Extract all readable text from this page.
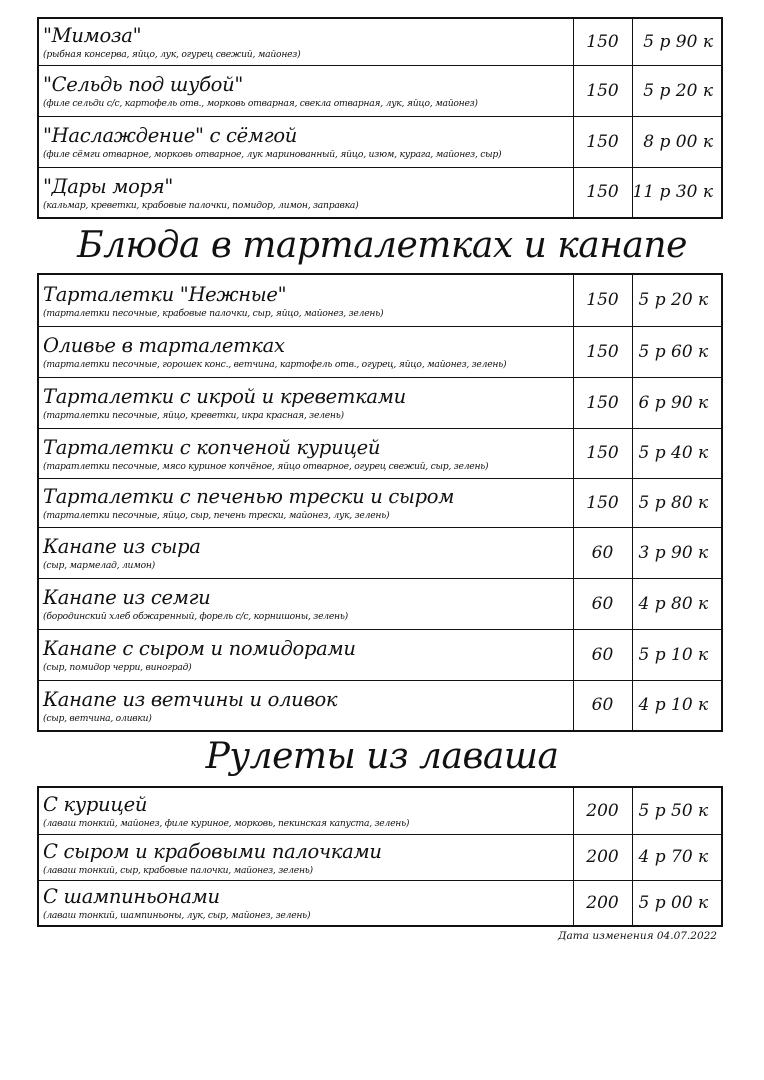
"Мимоза"
(рыбная консерва, яйцо, лук, огурец свежий, майонез)	150	5 р 90 к

"Сельдь под шубой"
(филе сельди с/с, картофель отв., морковь отварная, свекла отварная, лук, яйцо, майонез)	150	5 р 20 к

"Наслаждение" с сёмгой
(филе сёмги отварное, морковь отварное, лук маринованный, яйцо, изюм, курага, майонез, сыр)	150	8 р 00 к

"Дары моря"
(кальмар, креветки, крабовые палочки, помидор, лимон, заправка)	150	11 р 30 к
Блюда в тарталетках и канапе
Тарталетки "Нежные"
(тарталетки песочные, крабовые палочки, сыр, яйцо, майонез, зелень)	150	5 р 20 к

Оливье в тарталетках
(тарталетки песочные, горошек конс., ветчина, картофель отв., огурец, яйцо, майонез, зелень)	150	5 р 60 к

Тарталетки с икрой и креветками
(тарталетки песочные, яйцо, креветки, икра красная, зелень)	150	6 р 90 к

Тарталетки с копченой курицей
(таратлетки песочные, мясо куриное копчёное, яйцо отварное, огурец свежий, сыр, зелень)	150	5 р 40 к

Тарталетки с печенью трески и сыром
(тарталетки песочные, яйцо, сыр, печень трески, майонез, лук, зелень)	150	5 р 80 к

Канапе из сыра
(сыр, мармелад, лимон)	60	3 р 90 к

Канапе из семги
(бородинский хлеб обжаренный, форель с/с, корнишоны, зелень)	60	4 р 80 к

Канапе с сыром и помидорами
(сыр, помидор черри, виноград)	60	5 р 10 к

Канапе из ветчины и оливок
(сыр, ветчина, оливки)	60	4 р 10 к
Рулеты из лаваша
С курицей
(лаваш тонкий, майонез, филе куриное, морковь, пекинская капуста, зелень)	200	5 р 50 к

С сыром и крабовыми палочками
(лаваш тонкий, сыр, крабовые палочки, майонез, зелень)	200	4 р 70 к

С шампиньонами
(лаваш тонкий, шампиньоны, лук, сыр, майонез, зелень)	200	5 р 00 к
Дата изменения 04.07.2022
